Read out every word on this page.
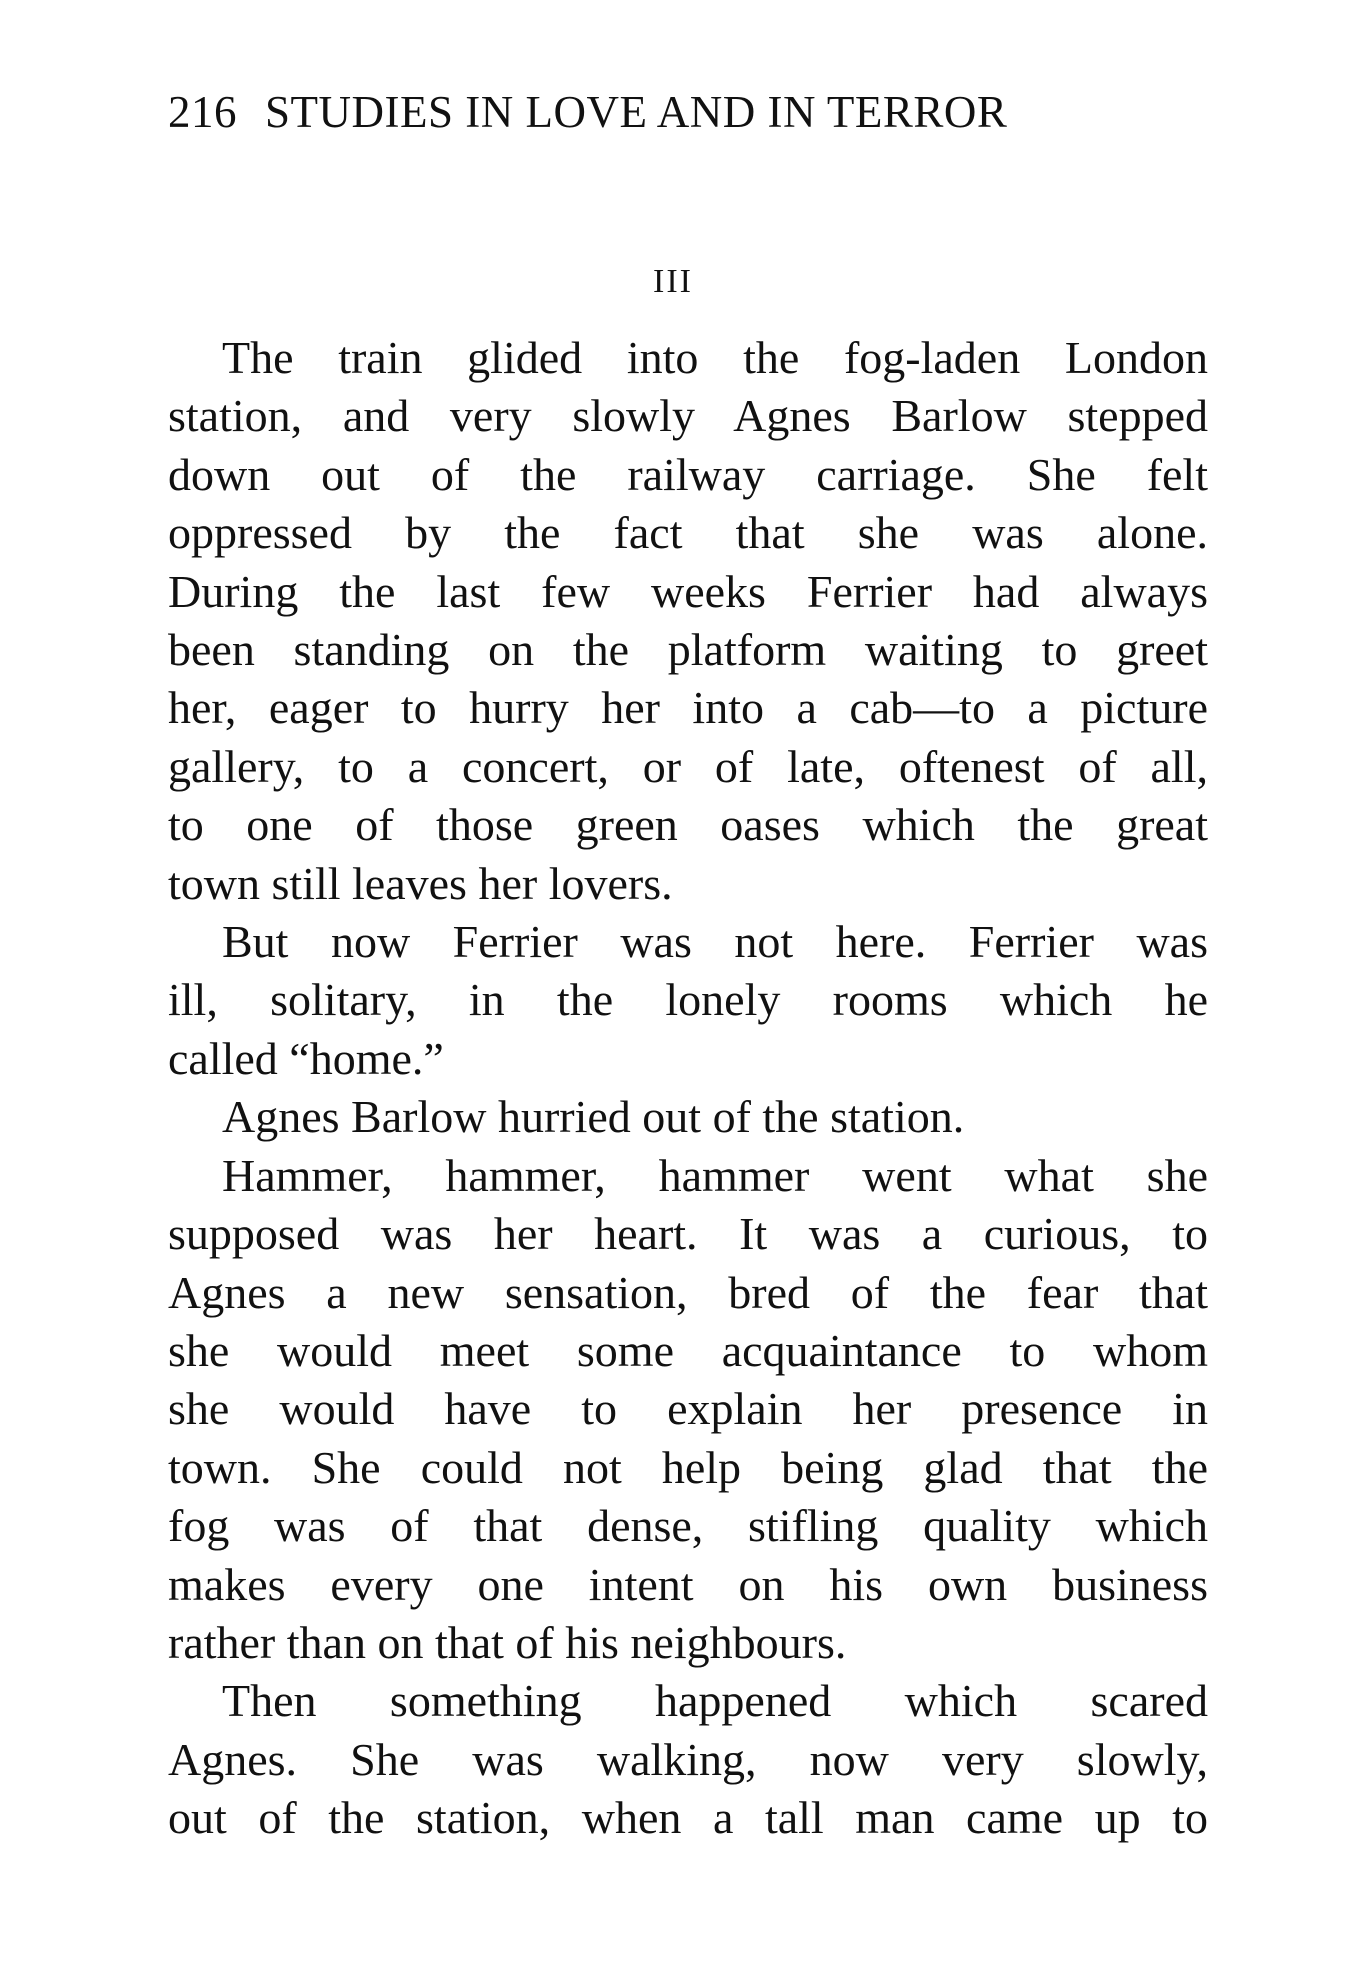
216 STUDIES IN LOVE AND IN TERROR
III

The train glided into the fog-laden London
station, and very slowly Agnes Barlow stepped
down out of the railway carriage. She felt
oppressed by the fact that she was alone.
During the last few weeks Ferrier had always
been standing on the platform waiting to greet
her, eager to hurry her into a cab—to a picture
gallery, to a concert, or of late, oftenest of all,
to one of those green oases which the great
town still leaves her lovers.

But now Ferrier was not here. Ferrier was
ill, solitary, in the lonely rooms which he
called “home.”

Agnes Barlow hurried out of the station.

Hammer, hammer, hammer went what she
supposed was her heart. It was a curious, to
Agnes a new sensation, bred of the fear that
she would meet some acquaintance to whom
she would have to explain her presence in
town. She could not help being glad that the
fog was of that dense, stifling quality which
makes every one intent on his own business
rather than on that of his neighbours.

Then something happened which scared
Agnes. She was walking, now very slowly,
out of the station, when a tall man came up to
